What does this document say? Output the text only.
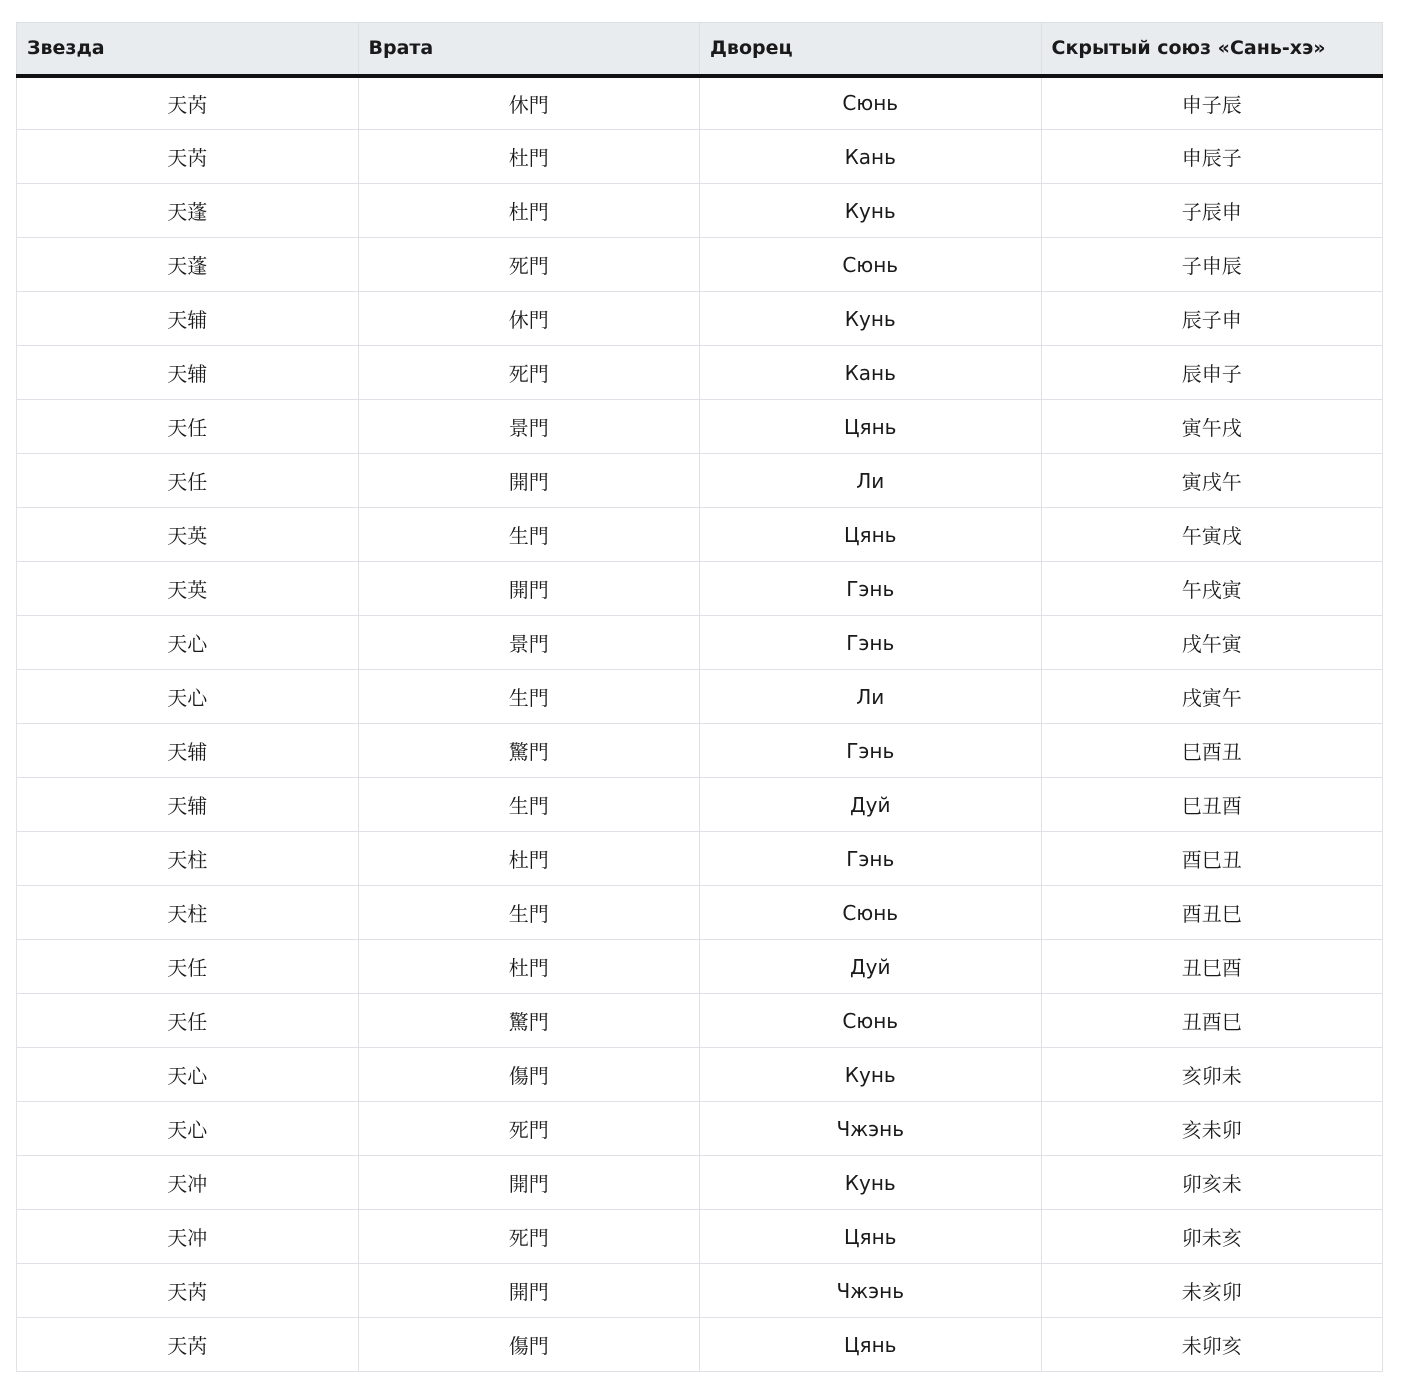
Звезда	Врата	Дворец	Скрытый союз «Сань-хэ»
天芮	休門	Сюнь	申子辰
天芮	杜門	Кань	申辰子
天蓬	杜門	Кунь	子辰申
天蓬	死門	Сюнь	子申辰
天辅	休門	Кунь	辰子申
天辅	死門	Кань	辰申子
天任	景門	Цянь	寅午戌
天任	開門	Ли	寅戌午
天英	生門	Цянь	午寅戌
天英	開門	Гэнь	午戌寅
天心	景門	Гэнь	戌午寅
天心	生門	Ли	戌寅午
天辅	驚門	Гэнь	巳酉丑
天辅	生門	Дуй	巳丑酉
天柱	杜門	Гэнь	酉巳丑
天柱	生門	Сюнь	酉丑巳
天任	杜門	Дуй	丑巳酉
天任	驚門	Сюнь	丑酉巳
天心	傷門	Кунь	亥卯未
天心	死門	Чжэнь	亥未卯
天冲	開門	Кунь	卯亥未
天冲	死門	Цянь	卯未亥
天芮	開門	Чжэнь	未亥卯
天芮	傷門	Цянь	未卯亥
